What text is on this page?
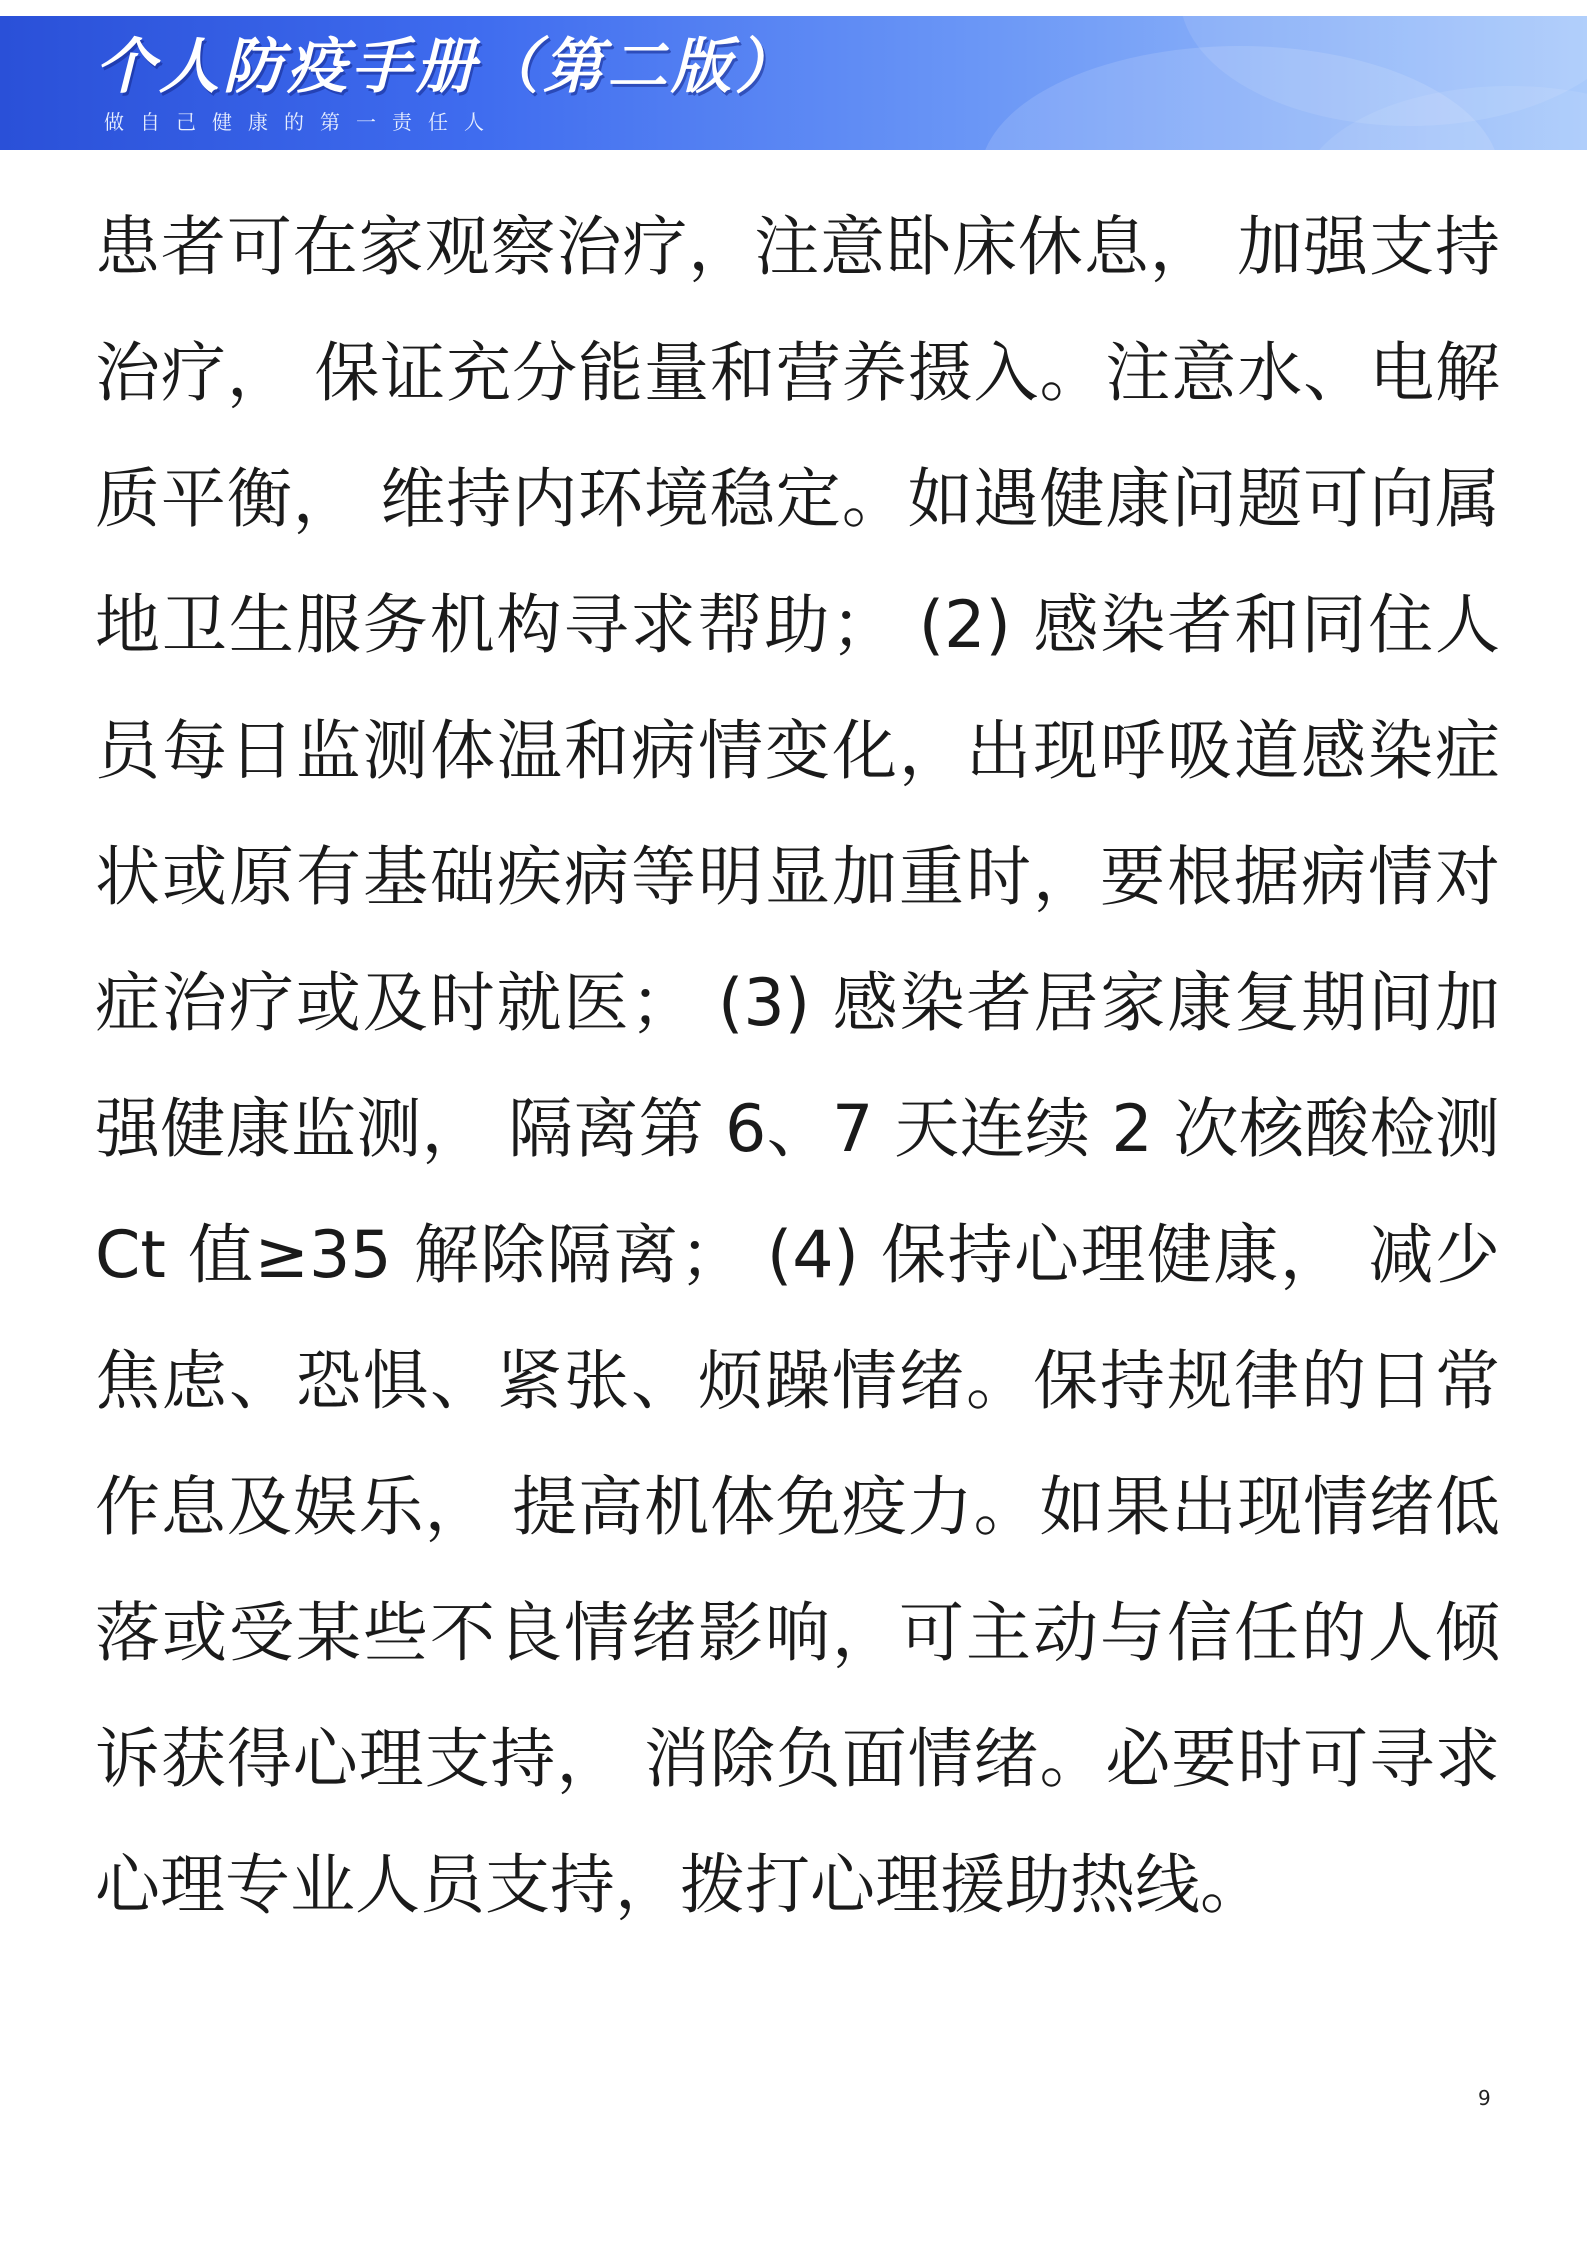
个人防疫手册（第二版）
做自己健康的第一责任人

患者可在家观察治疗，注意卧床休息， 加强支持治疗， 保证充分能量和营养摄入。注意水、电解质平衡， 维持内环境稳定。如遇健康问题可向属地卫生服务机构寻求帮助； (2) 感染者和同住人员每日监测体温和病情变化，出现呼吸道感染症状或原有基础疾病等明显加重时，要根据病情对症治疗或及时就医； (3) 感染者居家康复期间加强健康监测， 隔离第 6、7 天连续 2 次核酸检测 Ct 值≥35 解除隔离； (4) 保持心理健康， 减少焦虑、恐惧、紧张、烦躁情绪。保持规律的日常作息及娱乐， 提高机体免疫力。如果出现情绪低落或受某些不良情绪影响，可主动与信任的人倾诉获得心理支持， 消除负面情绪。必要时可寻求心理专业人员支持，拨打心理援助热线。

9
